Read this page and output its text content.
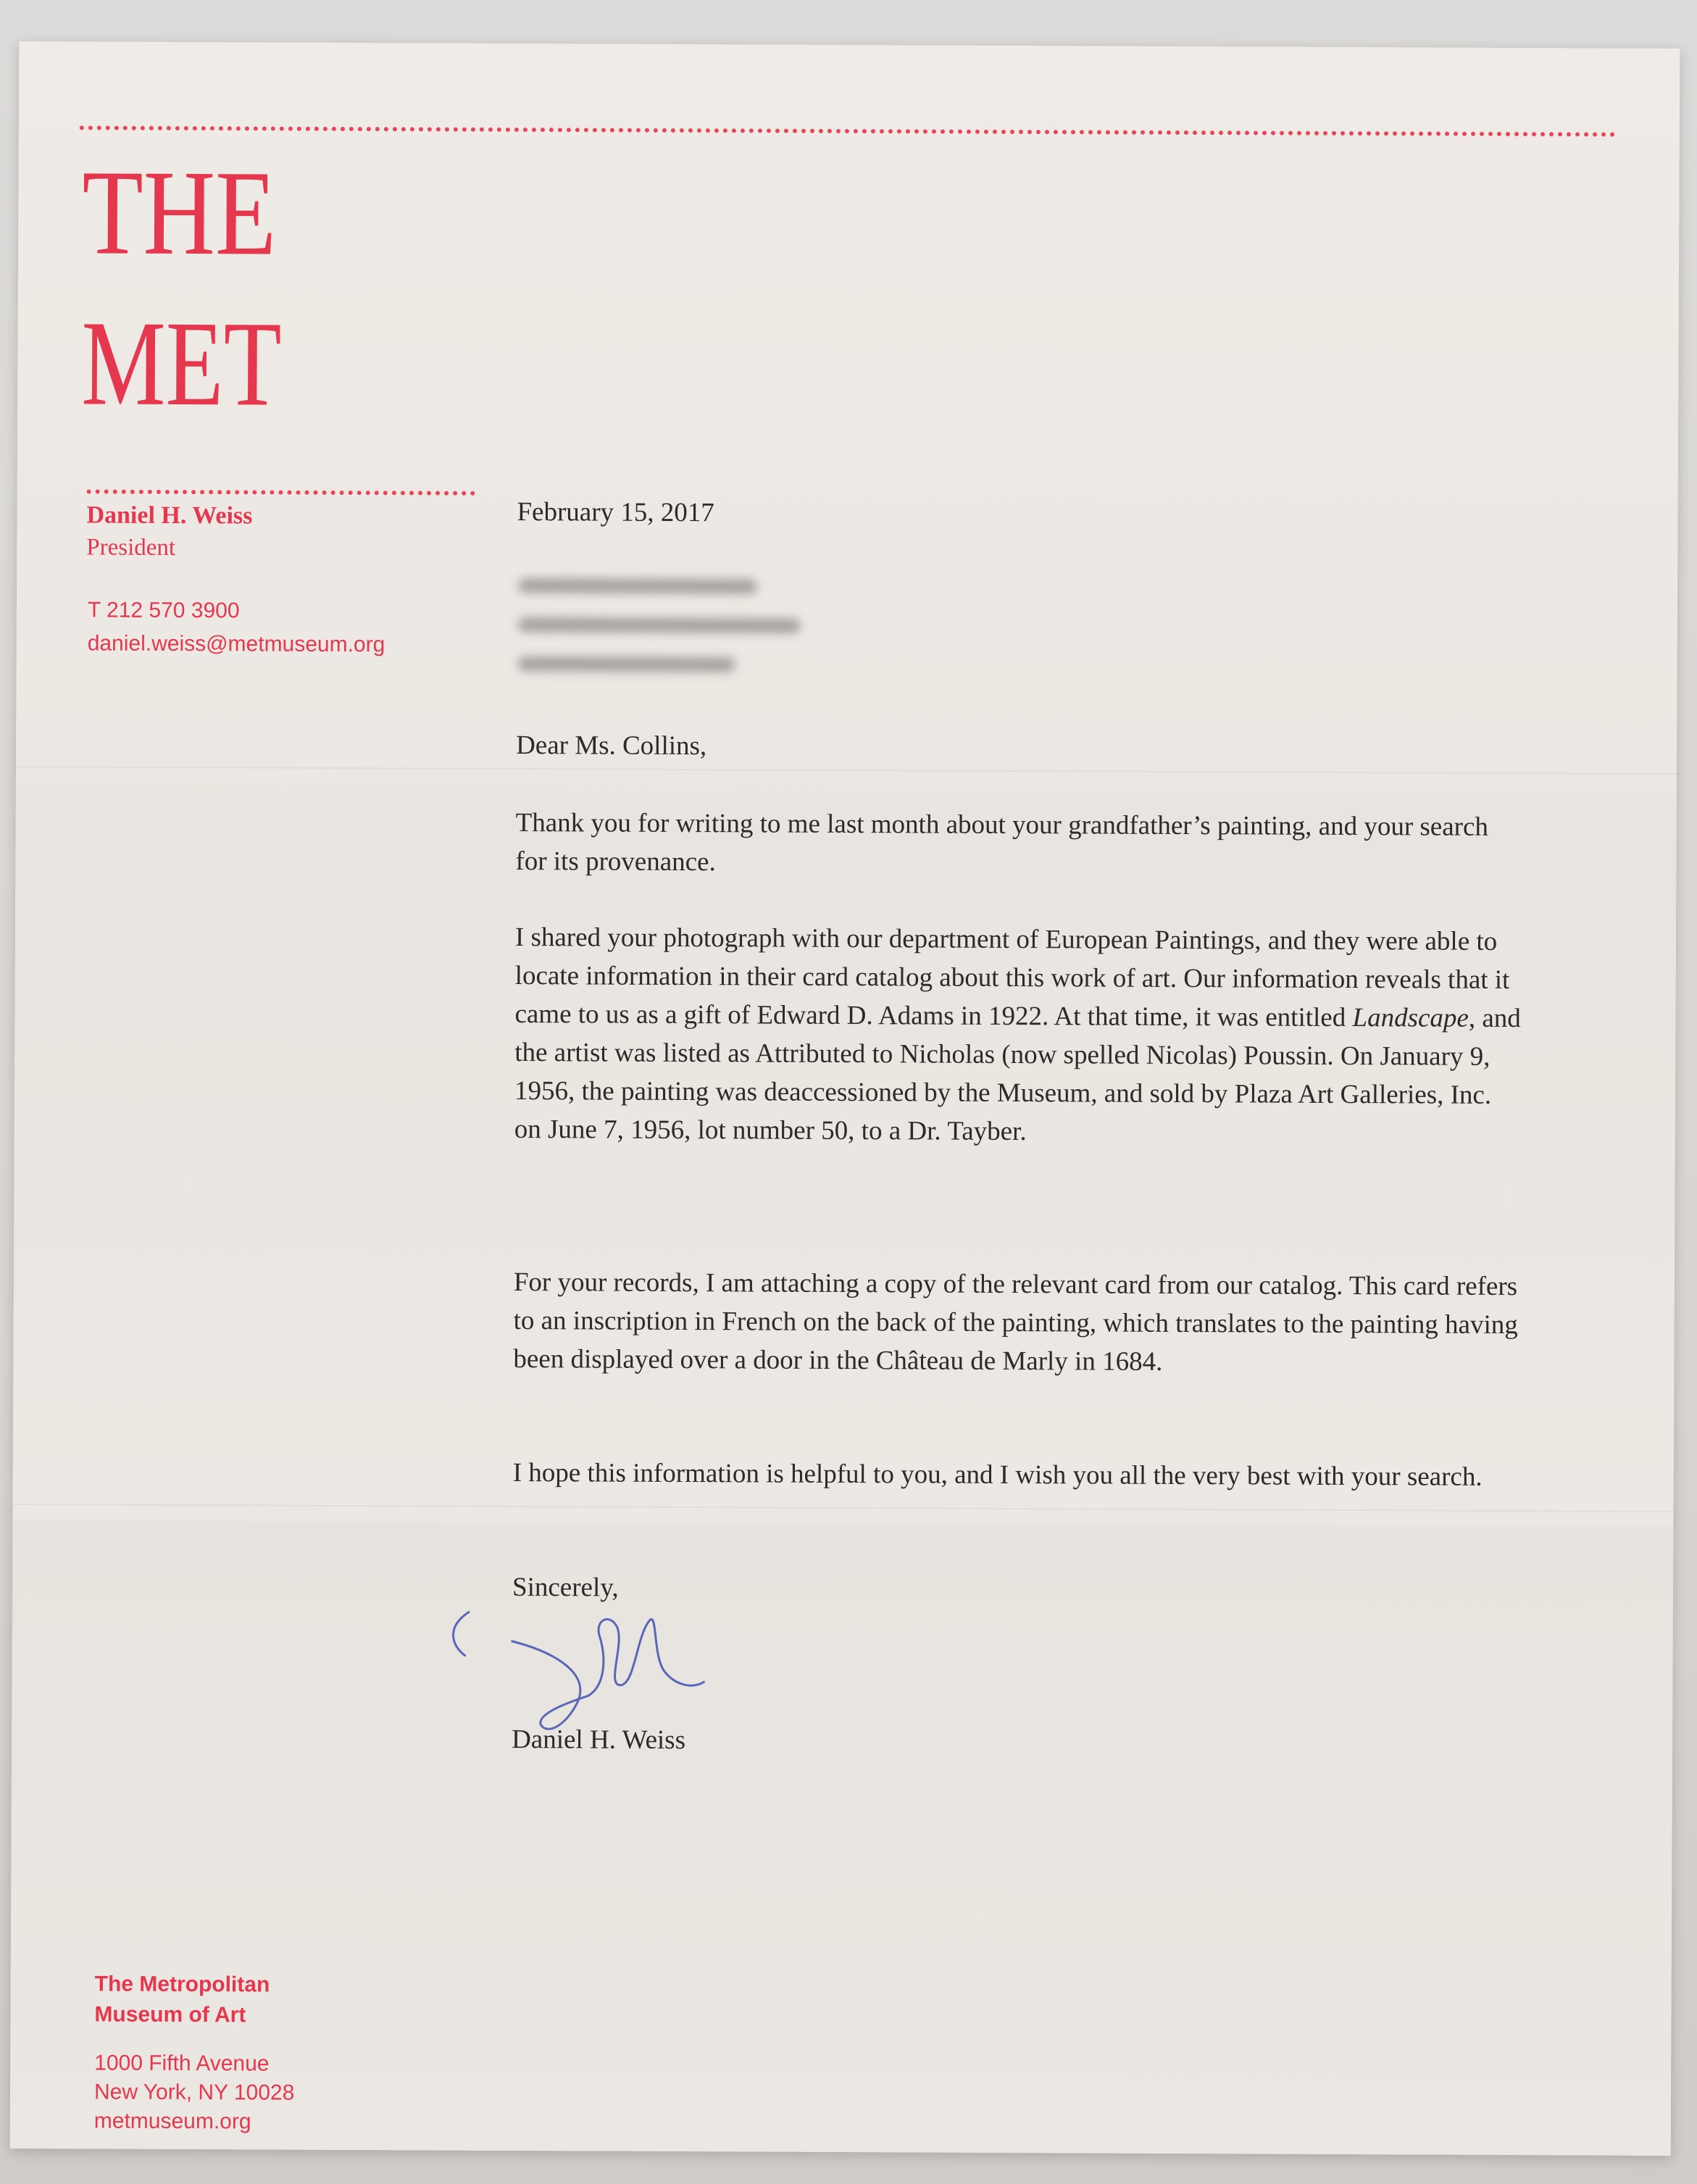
THE
MET
Daniel H. Weiss
President
T 212 570 3900
daniel.weiss@metmuseum.org
February 15, 2017
Dear Ms. Collins,
Thank you for writing to me last month about your grandfather’s painting, and your search for its provenance.
I shared your photograph with our department of European Paintings, and they were able to locate information in their card catalog about this work of art. Our information reveals that it came to us as a gift of Edward D. Adams in 1922. At that time, it was entitled Landscape, and the artist was listed as Attributed to Nicholas (now spelled Nicolas) Poussin. On January 9, 1956, the painting was deaccessioned by the Museum, and sold by Plaza Art Galleries, Inc. on June 7, 1956, lot number 50, to a Dr. Tayber.
For your records, I am attaching a copy of the relevant card from our catalog. This card refers to an inscription in French on the back of the painting, which translates to the painting having been displayed over a door in the Château de Marly in 1684.
I hope this information is helpful to you, and I wish you all the very best with your search.
Sincerely,
Daniel H. Weiss
The Metropolitan
Museum of Art
1000 Fifth Avenue
New York, NY 10028
metmuseum.org
